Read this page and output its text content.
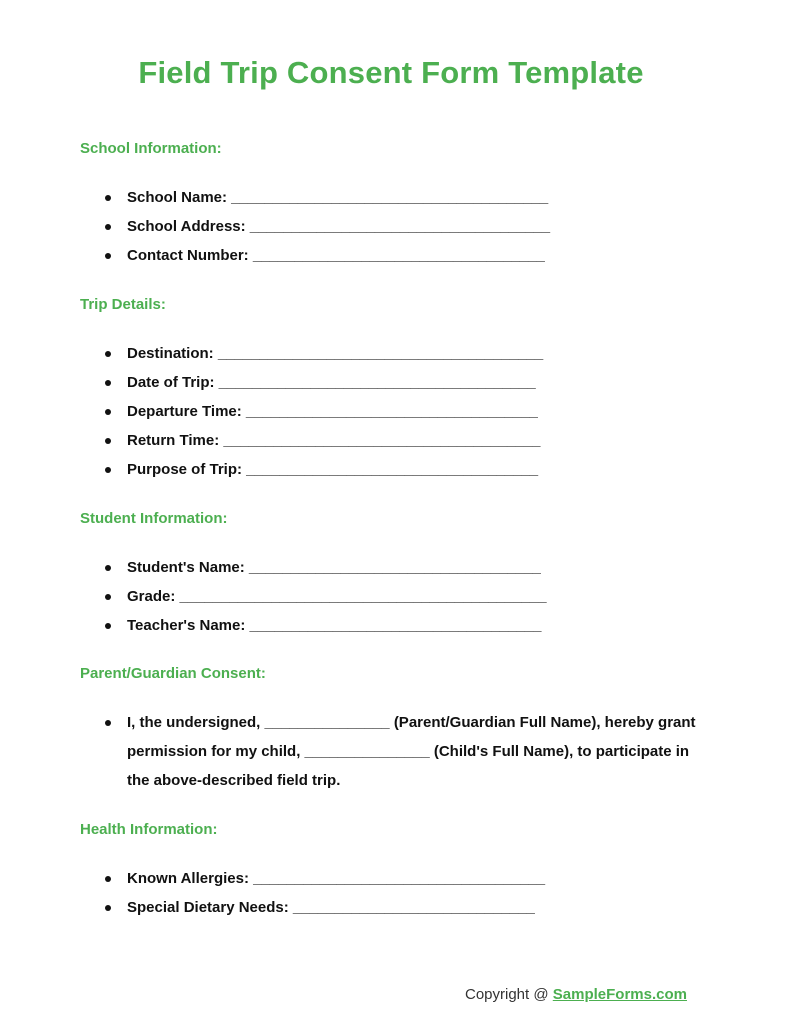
Field Trip Consent Form Template
School Information:
School Name: ______________________________________
School Address: ____________________________________
Contact Number: ___________________________________
Trip Details:
Destination: _______________________________________
Date of Trip: ______________________________________
Departure Time: ___________________________________
Return Time: ______________________________________
Purpose of Trip: ___________________________________
Student Information:
Student's Name: ___________________________________
Grade: ____________________________________________
Teacher's Name: ___________________________________
Parent/Guardian Consent:
I, the undersigned, _______________ (Parent/Guardian Full Name), hereby grant permission for my child, _______________ (Child's Full Name), to participate in the above-described field trip.
Health Information:
Known Allergies: ___________________________________
Special Dietary Needs: _____________________________
Copyright @ SampleForms.com
